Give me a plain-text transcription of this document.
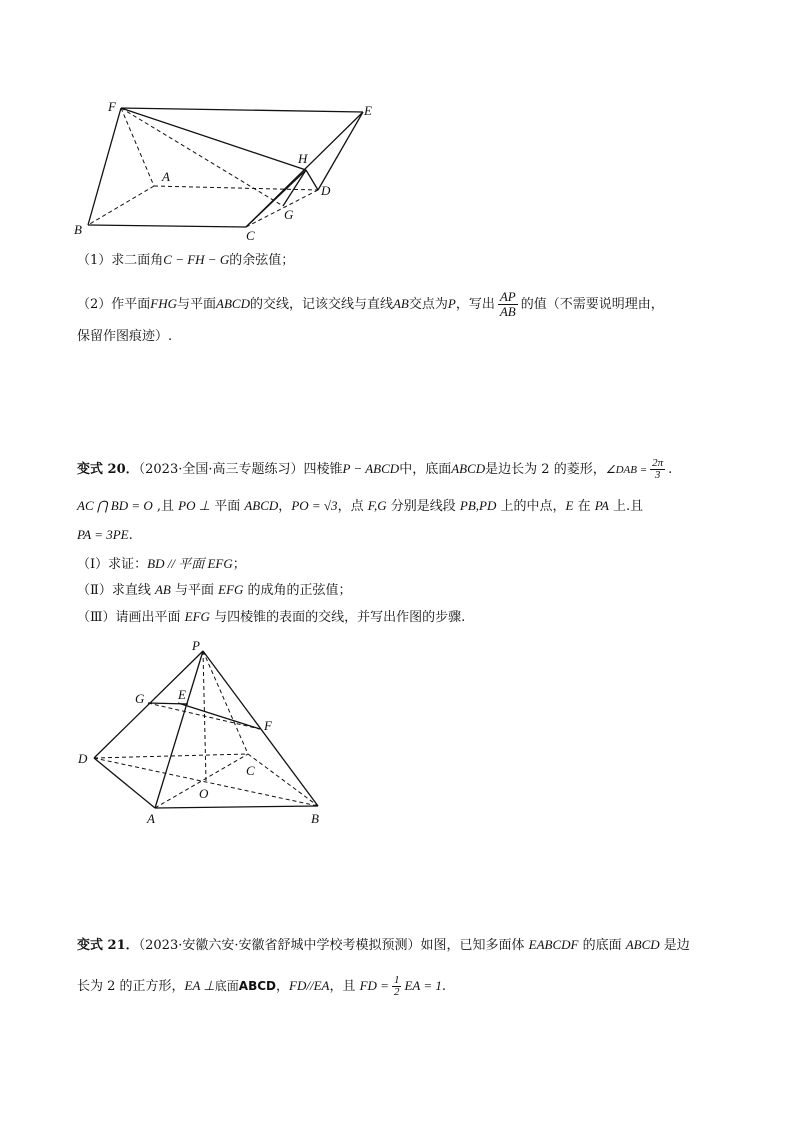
F	E
H
A
D
G
B	C
（1）求二面角C − FH − G的余弦值；
（2）作平面FHG与平面ABCD的交线，记该交线与直线AB交点为P，写出 $\frac{AP}{AB}$ 的值（不需要说明理由，
保留作图痕迹）.
变式 20．（2023·全国·高三专题练习）四棱锥P − ABCD中，底面ABCD是边长为 2 的菱形，∠DAB = $\frac{2\pi}{3}$ .
AC ⋂ BD = O ,且 PO ⊥ 平面 ABCD，PO = √3，点 F,G 分别是线段 PB,PD 上的中点，E 在 PA 上.且
PA = 3PE.
（Ⅰ）求证：BD // 平面 EFG；
（Ⅱ）求直线 AB 与平面 EFG 的成角的正弦值；
（Ⅲ）请画出平面 EFG 与四棱锥的表面的交线，并写出作图的步骤.
P
G	E
F
D
C
O
A	B
变式 21．（2023·安徽六安·安徽省舒城中学校考模拟预测）如图，已知多面体 EABCDF 的底面 ABCD 是边
长为 2 的正方形，EA ⊥底面ABCD，FD//EA，且 FD = $\frac{1}{2}$ EA = 1.
